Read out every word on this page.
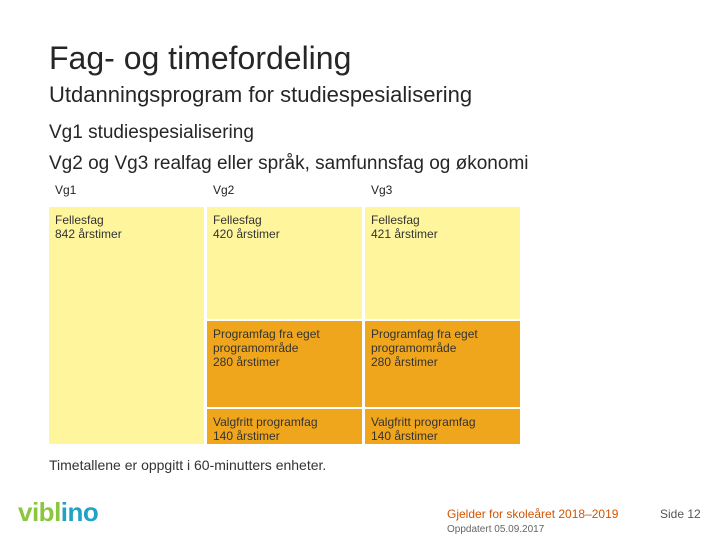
Fag- og timefordeling
Utdanningsprogram for studiespesialisering
Vg1 studiespesialisering
Vg2 og Vg3 realfag eller språk, samfunnsfag og økonomi
Vg1	Vg2	Vg3
Fellesfag
842 årstimer
Fellesfag
420 årstimer
Programfag fra eget
programområde
280 årstimer
Valgfritt programfag
140 årstimer
Fellesfag
421 årstimer
Programfag fra eget
programområde
280 årstimer
Valgfritt programfag
140 årstimer
Timetallene er oppgitt i 60-minutters enheter.
viblino	Gjelder for skoleåret 2018–2019
Oppdatert 05.09.2017
Side 12
